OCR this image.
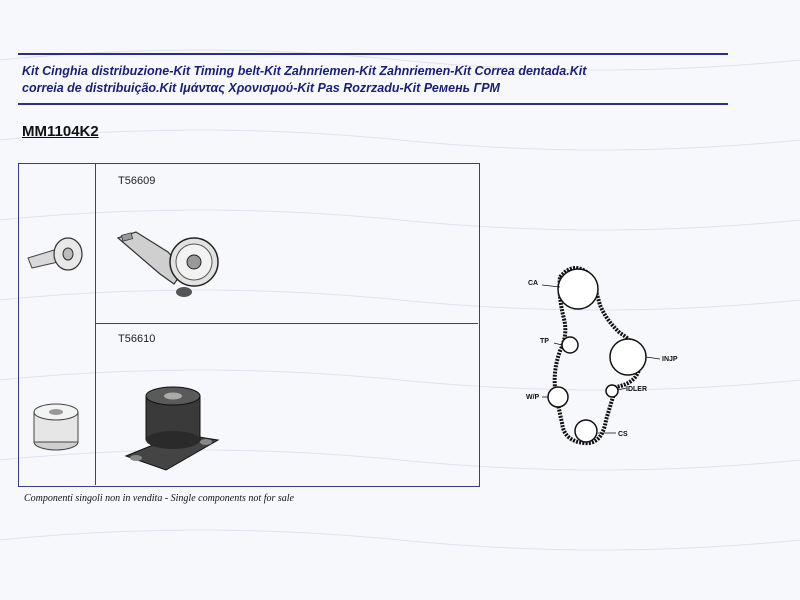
Kit Cinghia distribuzione-Kit Timing belt-Kit Zahnriemen-Kit Zahnriemen-Kit Correa dentada.Kit
correia de distribuição.Kit Ιμάντας Χρονισμού-Kit Pas Rozrzadu-Kit Ремень ГРМ
MM1104K2
T56609
T56610
CA
TP
INJP
W/P
IDLER
CS
Componenti singoli non in vendita - Single components not for sale
